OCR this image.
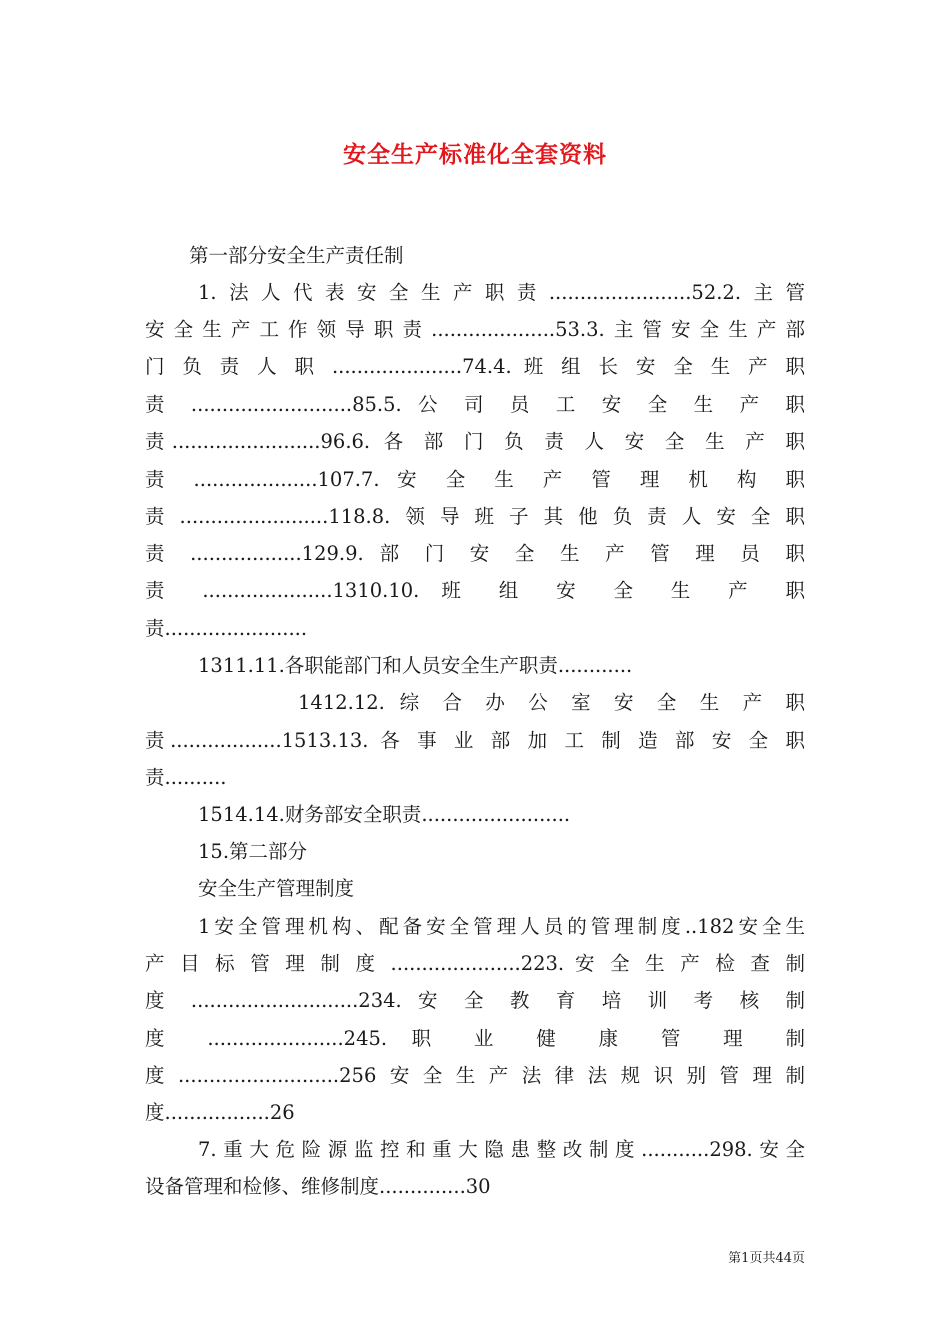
安全生产标准化全套资料

第一部分安全生产责任制

1.法人代表安全生产职责.......................52.2.主管

安全生产工作领导职责....................53.3.主管安全生产部

门 负 责 人 职 .....................74.4. 班 组 长 安 全 生 产 职

责 ..........................85.5. 公 司 员 工 安 全 生 产 职

责........................96.6. 各 部 门 负 责 人 安 全 生 产 职

责 ....................107.7. 安 全 生 产 管 理 机 构 职

责........................118.8.领导班子其他负责人安全职

责 ..................129.9. 部 门 安 全 生 产 管 理 员 职

责 .....................1310.10. 班 组 安 全 生 产 职

责.......................

1311.11.各职能部门和人员安全生产职责............

1412.12. 综 合 办 公 室 安 全 生 产 职

责..................1513.13. 各 事 业 部 加 工 制 造 部 安 全 职

责..........

1514.14.财务部安全职责........................

15.第二部分

安全生产管理制度

1安全管理机构、配备安全管理人员的管理制度..182安全生

产 目 标 管 理 制 度 .....................223. 安 全 生 产 检 查 制

度 ...........................234. 安 全 教 育 培 训 考 核 制

度 ......................245. 职 业 健 康 管 理 制

度..........................256安全生产法律法规识别管理制

度.................26

7.重大危险源监控和重大隐患整改制度...........298.安全

设备管理和检修、维修制度..............30

第1页共44页
